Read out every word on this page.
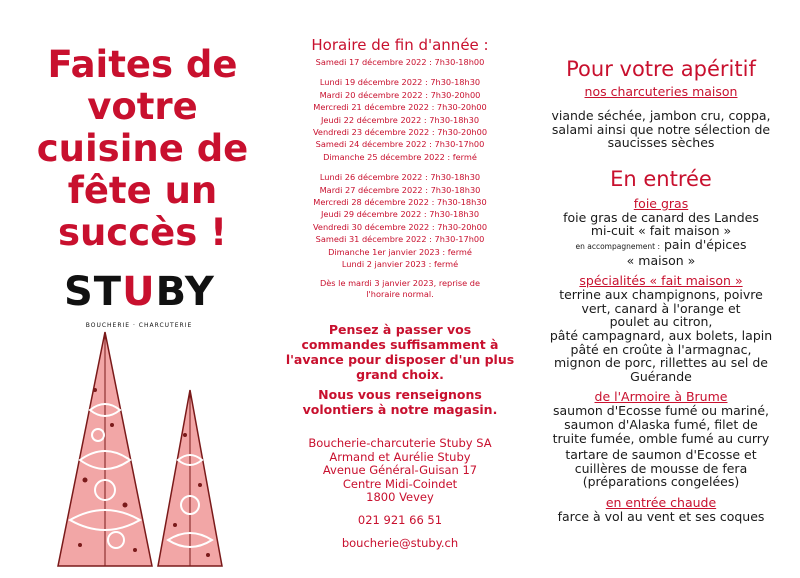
Faites de
votre
cuisine de
fête un
succès !
STUBY
BOUCHERIE · CHARCUTERIE
Horaire de fin d'année :
Samedi 17 décembre 2022 : 7h30-18h00
Lundi 19 décembre 2022 : 7h30-18h30
Mardi 20 décembre 2022 : 7h30-20h00
Mercredi 21 décembre 2022 : 7h30-20h00
Jeudi 22 décembre 2022 : 7h30-18h30
Vendredi 23 décembre 2022 : 7h30-20h00
Samedi 24 décembre 2022 : 7h30-17h00
Dimanche 25 décembre 2022 : fermé
Lundi 26 décembre 2022 : 7h30-18h30
Mardi 27 décembre 2022 : 7h30-18h30
Mercredi 28 décembre 2022 : 7h30-18h30
Jeudi 29 décembre 2022 : 7h30-18h30
Vendredi 30 décembre 2022 : 7h30-20h00
Samedi 31 décembre 2022 : 7h30-17h00
Dimanche 1er janvier 2023 : fermé
Lundi 2 janvier 2023 : fermé
Dès le mardi 3 janvier 2023, reprise de l'horaire normal.

Pensez à passer vos commandes suffisamment à l'avance pour disposer d'un plus grand choix.

Nous vous renseignons volontiers à notre magasin.

Boucherie-charcuterie Stuby SA
Armand et Aurélie Stuby
Avenue Général-Guisan 17
Centre Midi-Coindet
1800 Vevey
021 921 66 51
boucherie@stuby.ch
Pour votre apéritif
nos charcuteries maison
viande séchée, jambon cru, coppa,
salami ainsi que notre sélection de
saucisses sèches
En entrée
foie gras
foie gras de canard des Landes
mi-cuit « fait maison »
en accompagnement : pain d'épices
« maison »
spécialités « fait maison »
terrine aux champignons, poivre
vert, canard à l'orange et
poulet au citron,
pâté campagnard, aux bolets, lapin
pâté en croûte à l'armagnac,
mignon de porc, rillettes au sel de
Guérande
de l'Armoire à Brume
saumon d'Ecosse fumé ou mariné,
saumon d'Alaska fumé, filet de
truite fumée, omble fumé au curry
tartare de saumon d'Ecosse et
cuillères de mousse de fera
(préparations congelées)
en entrée chaude
farce à vol au vent et ses coques
